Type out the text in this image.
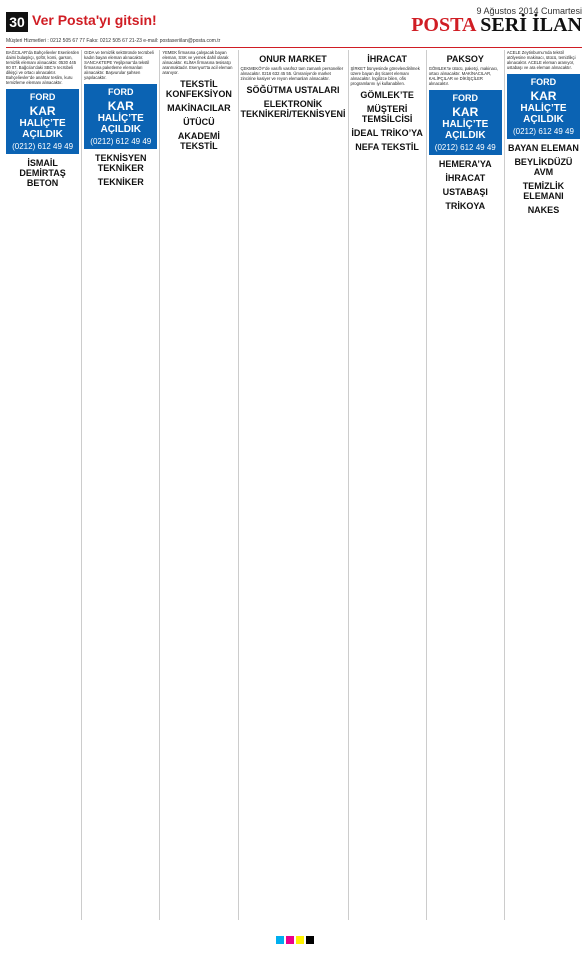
30 Ver Posta'yı gitsin!
9 Ağustos 2014 Cumartesi
POSTA SERİ İLAN
Müşteri Hizmetleri : 0212 505 67 77 Faks: 0212 505 67 21-23 e-mail: postaseriilan@posta.com.tr
BAĞCILAR’da Bahçelievler Esenlerden daimi bulaşıkçı, şoför, komi, garson, temizlik elemanı alınacaktır. 0530 445 80 07. Bağcılar’daki SBC’e tecrübeli dikişçi ve ortacı alınacaktır. Bahçelievler’de anahtar teslim, kuru temizleme elemanı alınacaktır.
FORD
KAR
HALİÇ’TE AÇILDIK
(0212) 612 49 49
İSMAİL DEMİRTAŞ BETON
GIDA ve temizlik sektöründe tecrübeli kadın bayan eleman alınacaktır. SANCAKTEPE Yeşilpınar’da tekstil firmasına paketleme elemanları alınacaktır. Başvurular şahsen yapılacaktır.
FORD
KAR
HALİÇ’TE AÇILDIK
(0212) 612 49 49
TEKNİSYEN TEKNİKER
TEKNİKER
YEMEK firmasına çalışacak bayan eleman, SSK ve yemek dahil olarak alınacaktır. KLİMA firmasına tesisatçı aranmaktadır. Esenyurt’ta acil eleman aranıyor.
TEKSTİL KONFEKSİYON
MAKİNACILAR
ÜTÜCÜ
AKADEMİ TEKSTİL
ONUR MARKET
ÇEKMEKÖY’de vasıflı vasıfsız tam zamanlı personeller alınacaktır. 0216 632 45 55. Ümraniye’de market zincirine kasiyer ve reyon elemanları alınacaktır.
SÖĞÜTMA USTALARI
ELEKTRONİK TEKNİKERİ/TEKNİSYENİ
İHRACAT
ŞİRKET bünyesinde görevlendirilmek üzere bayan dış ticaret elemanı alınacaktır. İngilizce bilen, ofis programlarını iyi kullanabilen.
GÖMLEK’TE
MÜŞTERİ TEMSİLCİSİ
İDEAL TRİKO’YA
NEFA TEKSTİL
PAKSOY
GÖMLEK’te ütücü, paketçi, makinacı, ortacı alınacaktır. MAKİNACILAR, KALİPÇILAR ve DİKİŞÇİLER alınacaktır.
FORD
KAR
HALİÇ’TE AÇILDIK
(0212) 612 49 49
HEMERA’YA
İHRACAT
USTABAŞI
TRİKOYA
ACELE Zeytinburnu’nda tekstil atölyesine makinacı, ütücü, temizlikçi alınacaktır. ACELE eleman aranıyor, ustabaşı ve ara eleman alınacaktır.
FORD
KAR
HALİÇ’TE AÇILDIK
(0212) 612 49 49
BAYAN ELEMAN
BEYLİKDÜZÜ AVM
TEMİZLİK ELEMANI
NAKES
